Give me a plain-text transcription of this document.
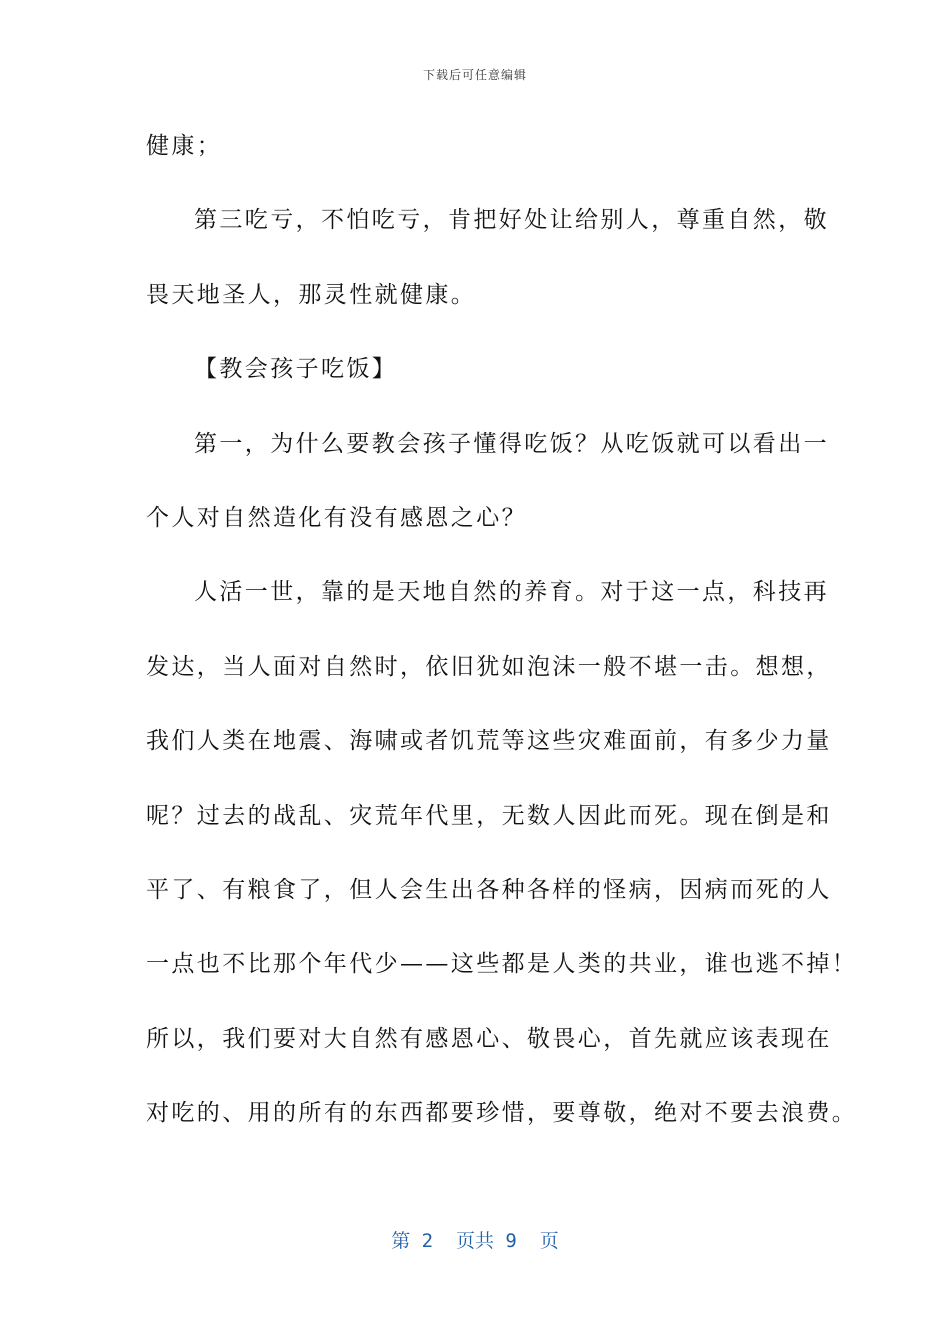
下载后可任意编辑
健康；
第三吃亏，不怕吃亏，肯把好处让给别人，尊重自然，敬
畏天地圣人，那灵性就健康。
【教会孩子吃饭】
第一，为什么要教会孩子懂得吃饭？从吃饭就可以看出一
个人对自然造化有没有感恩之心？
人活一世，靠的是天地自然的养育。对于这一点，科技再
发达，当人面对自然时，依旧犹如泡沫一般不堪一击。想想，
我们人类在地震、海啸或者饥荒等这些灾难面前，有多少力量
呢？过去的战乱、灾荒年代里，无数人因此而死。现在倒是和
平了、有粮食了，但人会生出各种各样的怪病，因病而死的人
一点也不比那个年代少——这些都是人类的共业，谁也逃不掉！
所以，我们要对大自然有感恩心、敬畏心，首先就应该表现在
对吃的、用的所有的东西都要珍惜，要尊敬，绝对不要去浪费。
第 2  页共 9  页
